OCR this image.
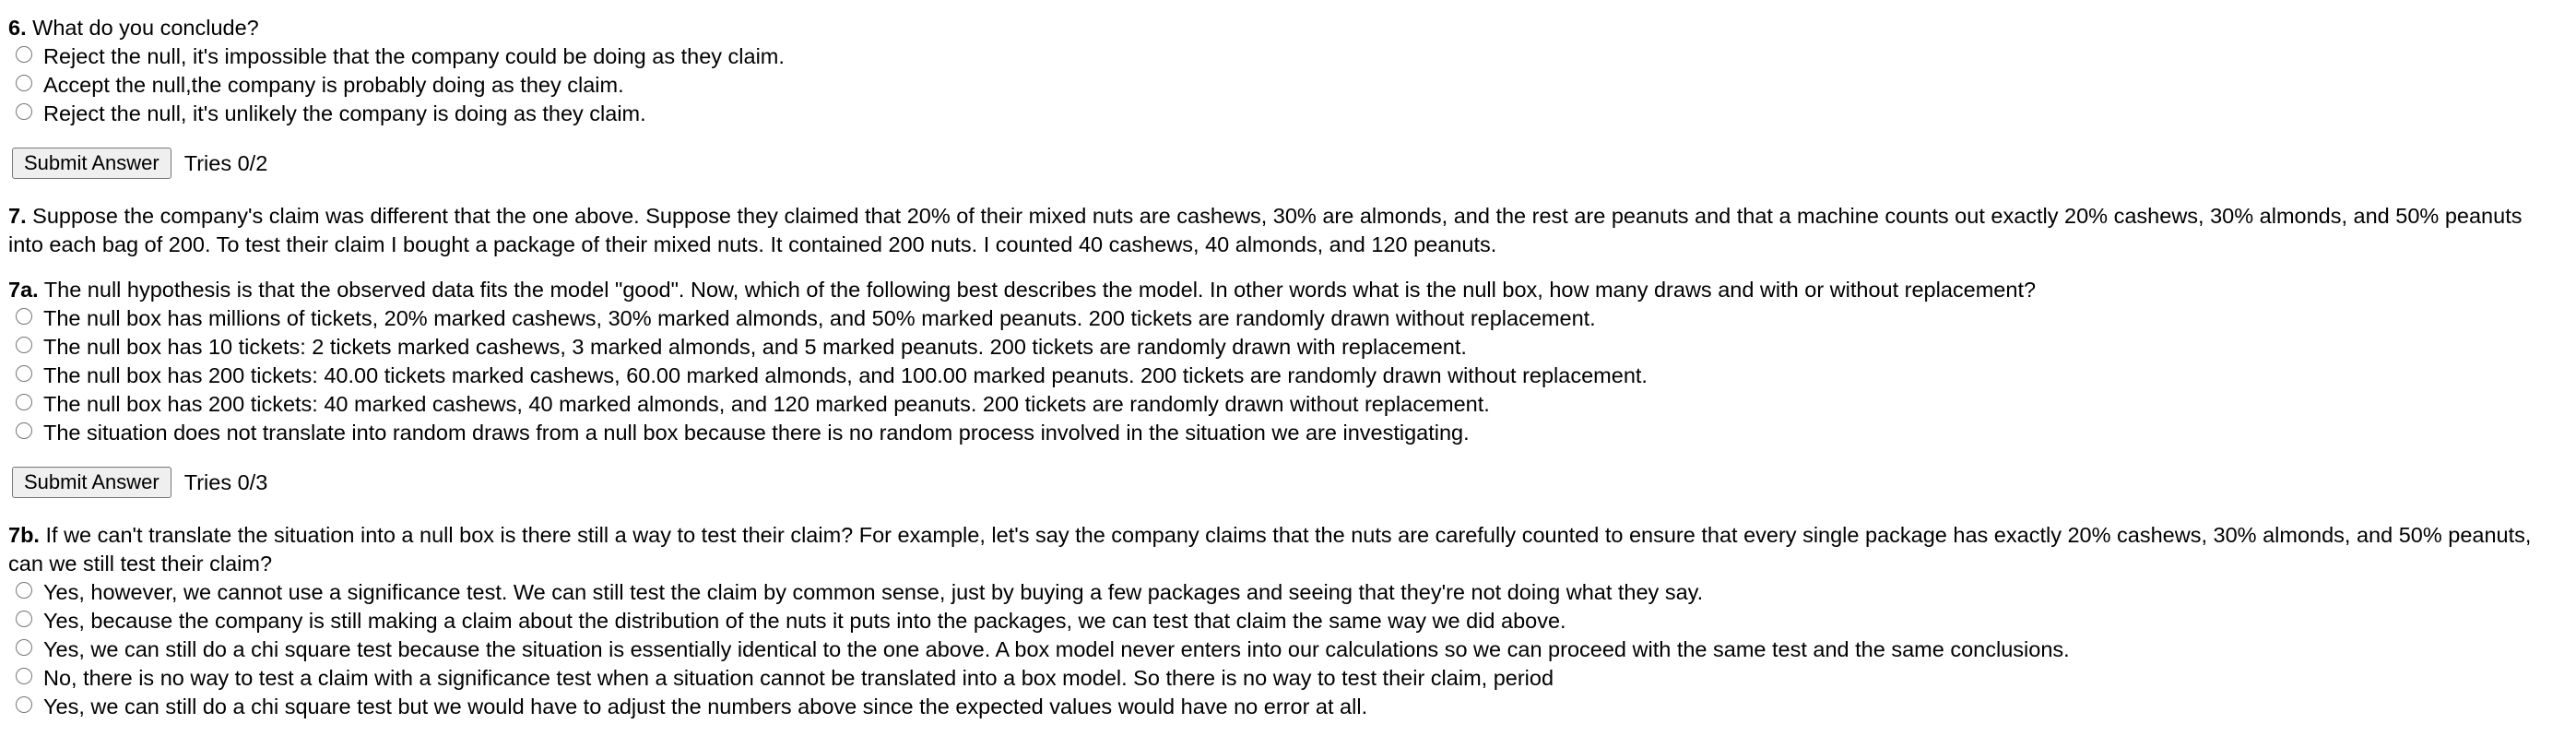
6. What do you conclude?
Reject the null, it's impossible that the company could be doing as they claim.
Accept the null,the company is probably doing as they claim.
Reject the null, it's unlikely the company is doing as they claim.
Submit Answer	Tries 0/2
7. Suppose the company's claim was different that the one above. Suppose they claimed that 20% of their mixed nuts are cashews, 30% are almonds, and the rest are peanuts and that a machine counts out exactly 20% cashews, 30% almonds, and 50% peanuts into each bag of 200. To test their claim I bought a package of their mixed nuts. It contained 200 nuts. I counted 40 cashews, 40 almonds, and 120 peanuts.
7a. The null hypothesis is that the observed data fits the model "good". Now, which of the following best describes the model. In other words what is the null box, how many draws and with or without replacement?
The null box has millions of tickets, 20% marked cashews, 30% marked almonds, and 50% marked peanuts. 200 tickets are randomly drawn without replacement.
The null box has 10 tickets: 2 tickets marked cashews, 3 marked almonds, and 5 marked peanuts. 200 tickets are randomly drawn with replacement.
The null box has 200 tickets: 40.00 tickets marked cashews, 60.00 marked almonds, and 100.00 marked peanuts. 200 tickets are randomly drawn without replacement.
The null box has 200 tickets: 40 marked cashews, 40 marked almonds, and 120 marked peanuts. 200 tickets are randomly drawn without replacement.
The situation does not translate into random draws from a null box because there is no random process involved in the situation we are investigating.
Submit Answer	Tries 0/3
7b. If we can't translate the situation into a null box is there still a way to test their claim? For example, let's say the company claims that the nuts are carefully counted to ensure that every single package has exactly 20% cashews, 30% almonds, and 50% peanuts, can we still test their claim?
Yes, however, we cannot use a significance test. We can still test the claim by common sense, just by buying a few packages and seeing that they're not doing what they say.
Yes, because the company is still making a claim about the distribution of the nuts it puts into the packages, we can test that claim the same way we did above.
Yes, we can still do a chi square test because the situation is essentially identical to the one above. A box model never enters into our calculations so we can proceed with the same test and the same conclusions.
No, there is no way to test a claim with a significance test when a situation cannot be translated into a box model. So there is no way to test their claim, period
Yes, we can still do a chi square test but we would have to adjust the numbers above since the expected values would have no error at all.
